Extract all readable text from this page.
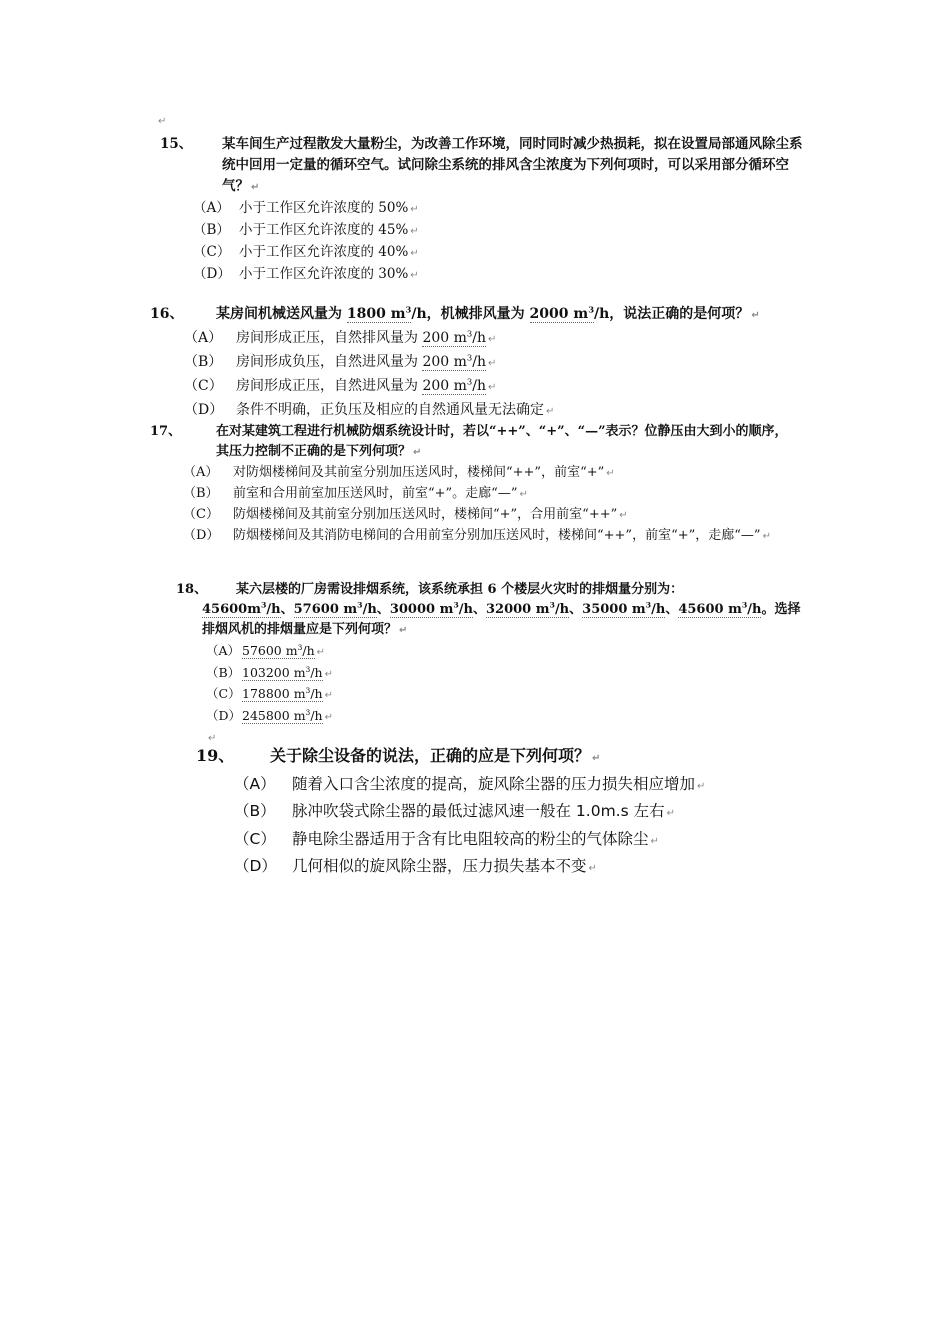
↵
15、	某车间生产过程散发大量粉尘，为改善工作环境，同时同时减少热损耗，拟在设置局部通风除尘系统中回用一定量的循环空气。试问除尘系统的排风含尘浓度为下列何项时，可以采用部分循环空气？ ↵
（A） 小于工作区允许浓度的 50% ↵
（B） 小于工作区允许浓度的 45% ↵
（C） 小于工作区允许浓度的 40% ↵
（D） 小于工作区允许浓度的 30% ↵
16、	某房间机械送风量为 1800 $m^3/h$，机械排风量为 2000 $m^3/h$，说法正确的是何项？ ↵
（A） 房间形成正压，自然排风量为 200 $m^3/h$ ↵
（B） 房间形成负压，自然进风量为 200 $m^3/h$ ↵
（C） 房间形成正压，自然进风量为 200 $m^3/h$ ↵
（D） 条件不明确，正负压及相应的自然通风量无法确定 ↵
17、	在对某建筑工程进行机械防烟系统设计时，若以“++”、“+”、“—”表示？位静压由大到小的顺序，其压力控制不正确的是下列何项？ ↵
（A）	对防烟楼梯间及其前室分别加压送风时，楼梯间“++”，前室“+” ↵
（B）	前室和合用前室加压送风时，前室“+”。走廊“—” ↵
（C）	防烟楼梯间及其前室分别加压送风时，楼梯间“+”，合用前室“++” ↵
（D）	防烟楼梯间及其消防电梯间的合用前室分别加压送风时，楼梯间“++”，前室“+”，走廊“—” ↵
18、	某六层楼的厂房需设排烟系统，该系统承担 6 个楼层火灾时的排烟量分别为：
$45600m^3/h$、57600 $m^3/h$、30000 $m^3/h$、32000 $m^3/h$、35000 $m^3/h$、45600 $m^3/h$。选择排烟风机的排烟量应是下列何项？ ↵
（A） 57600 $m^3/h$ ↵
（B） 103200 $m^3/h$ ↵
（C） 178800 $m^3/h$ ↵
（D） 245800 $m^3/h$ ↵
↵
19、	关于除尘设备的说法，正确的应是下列何项？ ↵
（A）	随着入口含尘浓度的提高，旋风除尘器的压力损失相应增加 ↵
（B）	脉冲吹袋式除尘器的最低过滤风速一般在 1.0m.s 左右 ↵
（C）	静电除尘器适用于含有比电阻较高的粉尘的气体除尘 ↵
（D） 几何相似的旋风除尘器，压力损失基本不变 ↵
